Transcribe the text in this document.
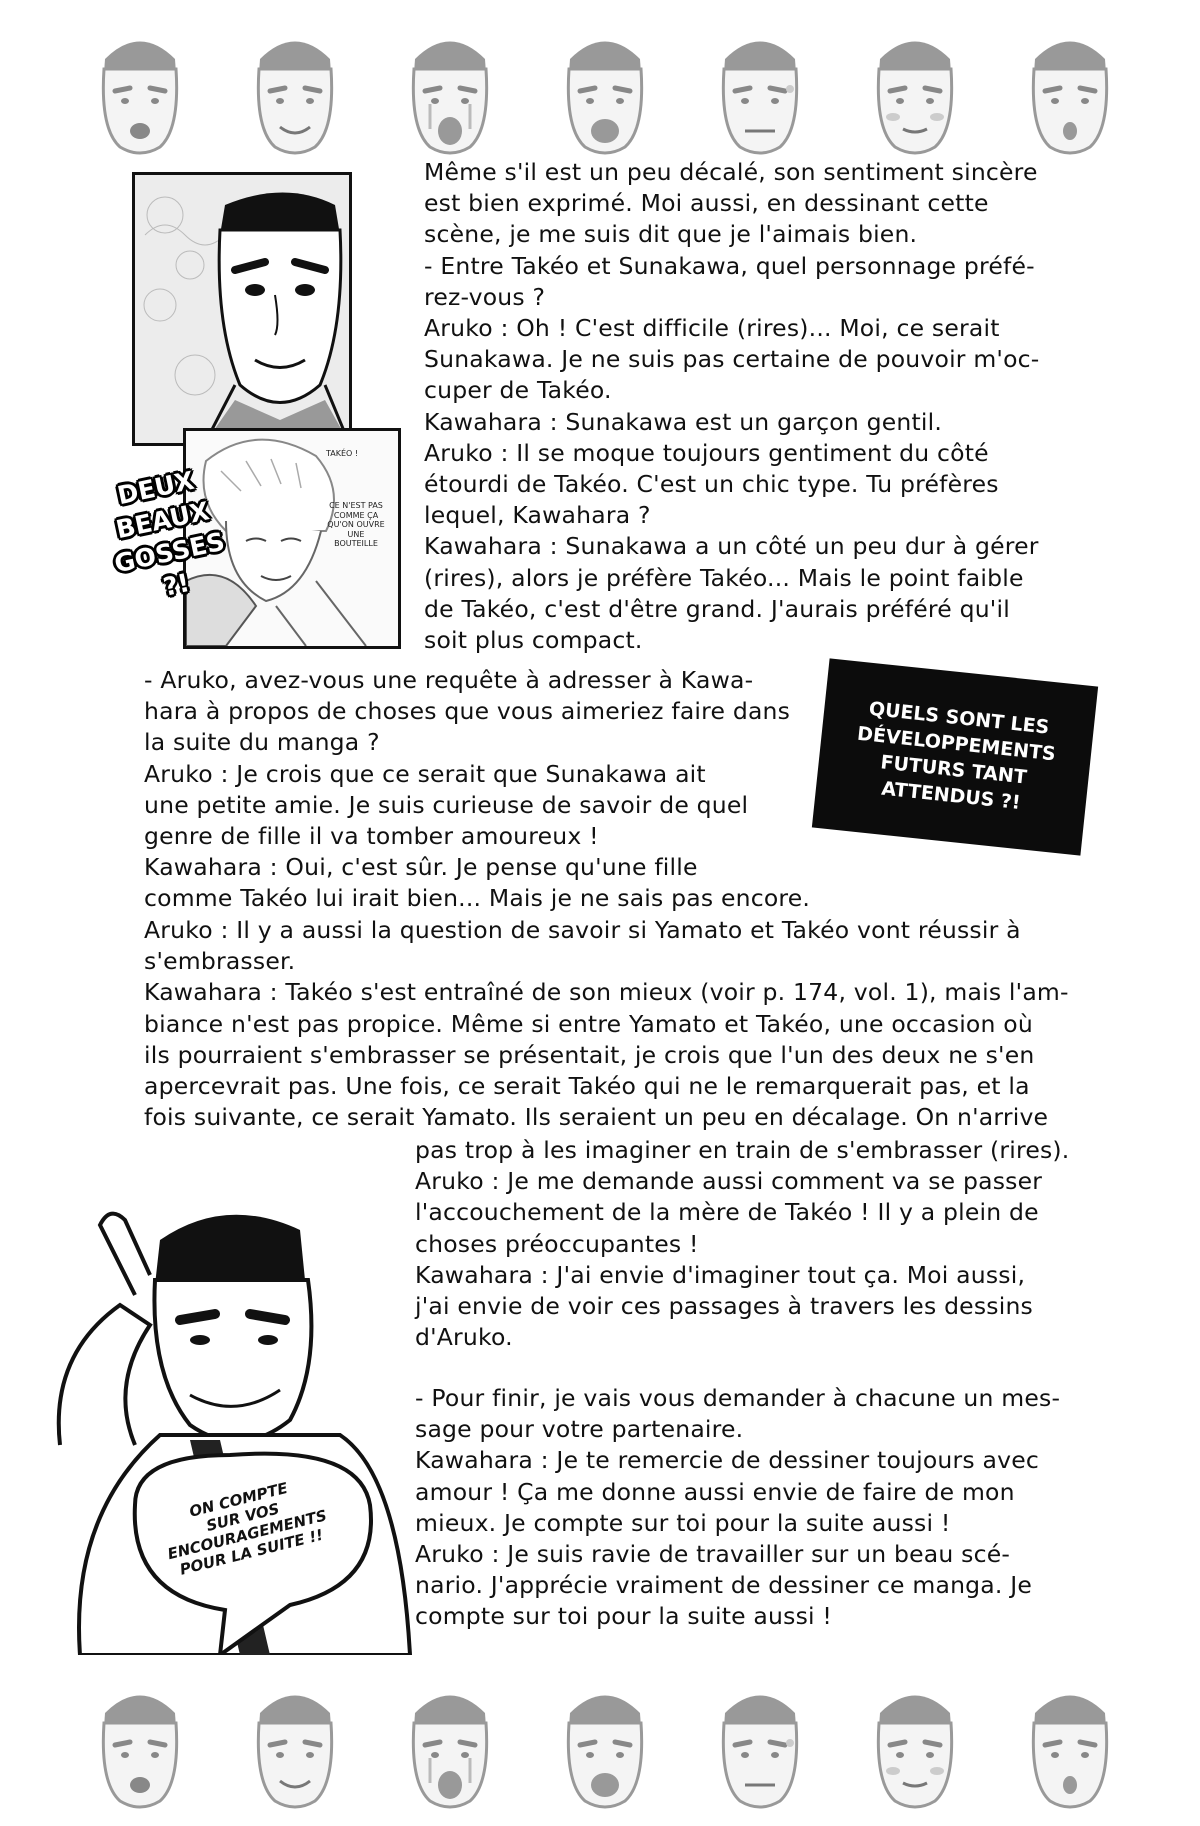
TAKÉO !
CE N'EST PAS COMME ÇA QU'ON OUVRE UNE BOUTEILLE
DEUX
BEAUX
GOSSES
?!

Même s'il est un peu décalé, son sentiment sincère

est bien exprimé. Moi aussi, en dessinant cette

scène, je me suis dit que je l'aimais bien.

- Entre Takéo et Sunakawa, quel personnage préfé-

rez-vous ?

Aruko : Oh ! C'est difficile (rires)... Moi, ce serait

Sunakawa. Je ne suis pas certaine de pouvoir m'oc-

cuper de Takéo.

Kawahara : Sunakawa est un garçon gentil.

Aruko : Il se moque toujours gentiment du côté

étourdi de Takéo. C'est un chic type. Tu préfères

lequel, Kawahara ?

Kawahara : Sunakawa a un côté un peu dur à gérer

(rires), alors je préfère Takéo... Mais le point faible

de Takéo, c'est d'être grand. J'aurais préféré qu'il

soit plus compact.

- Aruko, avez-vous une requête à adresser à Kawa-

hara à propos de choses que vous aimeriez faire dans

la suite du manga ?

Aruko : Je crois que ce serait que Sunakawa ait

une petite amie. Je suis curieuse de savoir de quel

genre de fille il va tomber amoureux !

Kawahara : Oui, c'est sûr. Je pense qu'une fille

comme Takéo lui irait bien... Mais je ne sais pas encore.

QUELS SONT LES
DÉVELOPPEMENTS
FUTURS TANT
ATTENDUS ?!

Aruko : Il y a aussi la question de savoir si Yamato et Takéo vont réussir à

s'embrasser.

Kawahara : Takéo s'est entraîné de son mieux (voir p. 174, vol. 1), mais l'am-

biance n'est pas propice. Même si entre Yamato et Takéo, une occasion où

ils pourraient s'embrasser se présentait, je crois que l'un des deux ne s'en

apercevrait pas. Une fois, ce serait Takéo qui ne le remarquerait pas, et la

fois suivante, ce serait Yamato. Ils seraient un peu en décalage. On n'arrive

ON COMPTE
SUR VOS
ENCOURAGEMENTS
POUR LA SUITE !!

pas trop à les imaginer en train de s'embrasser (rires).

Aruko : Je me demande aussi comment va se passer

l'accouchement de la mère de Takéo ! Il y a plein de

choses préoccupantes !

Kawahara : J'ai envie d'imaginer tout ça. Moi aussi,

j'ai envie de voir ces passages à travers les dessins

d'Aruko.

- Pour finir, je vais vous demander à chacune un mes-

sage pour votre partenaire.

Kawahara : Je te remercie de dessiner toujours avec

amour ! Ça me donne aussi envie de faire de mon

mieux. Je compte sur toi pour la suite aussi !

Aruko : Je suis ravie de travailler sur un beau scé-

nario. J'apprécie vraiment de dessiner ce manga. Je

compte sur toi pour la suite aussi !
